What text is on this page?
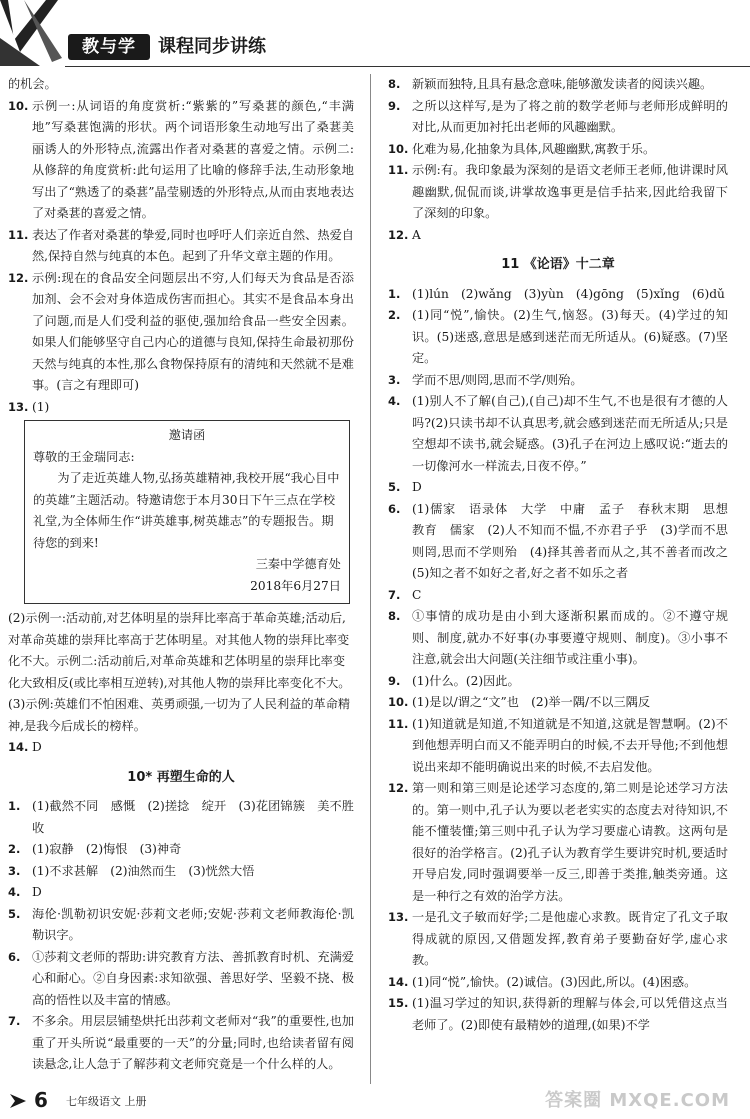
教与学	课程同步讲练
的机会。
10. 示例一:从词语的角度赏析:“紫紫的”写桑葚的颜色,“丰满地”写桑葚饱满的形状。两个词语形象生动地写出了桑葚美丽诱人的外形特点,流露出作者对桑葚的喜爱之情。示例二:从修辞的角度赏析:此句运用了比喻的修辞手法,生动形象地写出了“熟透了的桑葚”晶莹剔透的外形特点,从而由衷地表达了对桑葚的喜爱之情。
11. 表达了作者对桑葚的挚爱,同时也呼吁人们亲近自然、热爱自然,保持自然与纯真的本色。起到了升华文章主题的作用。
12. 示例:现在的食品安全问题层出不穷,人们每天为食品是否添加剂、会不会对身体造成伤害而担心。其实不是食品本身出了问题,而是人们受利益的驱使,强加给食品一些安全因素。如果人们能够坚守自己内心的道德与良知,保持生命最初那份天然与纯真的本性,那么食物保持原有的清纯和天然就不是难事。(言之有理即可)
13. (1)
邀请函
尊敬的王金瑞同志:
为了走近英雄人物,弘扬英雄精神,我校开展“我心目中的英雄”主题活动。特邀请您于本月30日下午三点在学校礼堂,为全体师生作“讲英雄事,树英雄志”的专题报告。期待您的到来!
三秦中学德育处
2018年6月27日
(2)示例一:活动前,对艺体明星的崇拜比率高于革命英雄;活动后,对革命英雄的崇拜比率高于艺体明星。对其他人物的崇拜比率变化不大。示例二:活动前后,对革命英雄和艺体明星的崇拜比率变化大致相反(或比率相互逆转),对其他人物的崇拜比率变化不大。(3)示例:英雄们不怕困难、英勇顽强,一切为了人民利益的革命精神,是我今后成长的榜样。
14. D
10* 再塑生命的人
1. (1)截然不同　感慨　(2)搓捻　绽开　(3)花团锦簇　美不胜收
2. (1)寂静　(2)悔恨　(3)神奇
3. (1)不求甚解　(2)油然而生　(3)恍然大悟
4. D
5. 海伦·凯勒初识安妮·莎莉文老师;安妮·莎莉文老师教海伦·凯勒识字。
6. ①莎莉文老师的帮助:讲究教育方法、善抓教育时机、充满爱心和耐心。②自身因素:求知欲强、善思好学、坚毅不挠、极高的悟性以及丰富的情感。
7. 不多余。用层层铺垫烘托出莎莉文老师对“我”的重要性,也加重了开头所说“最重要的一天”的分量;同时,也给读者留有阅读悬念,让人急于了解莎莉文老师究竟是一个什么样的人。
8. 新颖而独特,且具有悬念意味,能够激发读者的阅读兴趣。
9. 之所以这样写,是为了将之前的数学老师与老师形成鲜明的对比,从而更加衬托出老师的风趣幽默。
10. 化难为易,化抽象为具体,风趣幽默,寓教于乐。
11. 示例:有。我印象最为深刻的是语文老师王老师,他讲课时风趣幽默,侃侃而谈,讲掌故逸事更是信手拈来,因此给我留下了深刻的印象。
12. A
11 《论语》十二章
1. (1)lún　(2)wǎng　(3)yùn　(4)gōng　(5)xǐng　(6)dǔ
2. (1)同“悦”,愉快。(2)生气,恼怒。(3)每天。(4)学过的知识。(5)迷惑,意思是感到迷茫而无所适从。(6)疑惑。(7)坚定。
3. 学而不思/则罔,思而不学/则殆。
4. (1)别人不了解(自己),(自己)却不生气,不也是很有才德的人吗?(2)只读书却不认真思考,就会感到迷茫而无所适从;只是空想却不读书,就会疑惑。(3)孔子在河边上感叹说:“逝去的一切像河水一样流去,日夜不停。”
5. D
6. (1)儒家　语录体　大学　中庸　孟子　春秋末期　思想　教育　儒家　(2)人不知而不愠,不亦君子乎　(3)学而不思则罔,思而不学则殆　(4)择其善者而从之,其不善者而改之　(5)知之者不如好之者,好之者不如乐之者
7. C
8. ①事情的成功是由小到大逐渐积累而成的。②不遵守规则、制度,就办不好事(办事要遵守规则、制度)。③小事不注意,就会出大问题(关注细节或注重小事)。
9. (1)什么。(2)因此。
10. (1)是以/谓之“文”也　(2)举一隅/不以三隅反
11. (1)知道就是知道,不知道就是不知道,这就是智慧啊。(2)不到他想弄明白而又不能弄明白的时候,不去开导他;不到他想说出来却不能明确说出来的时候,不去启发他。
12. 第一则和第三则是论述学习态度的,第二则是论述学习方法的。第一则中,孔子认为要以老老实实的态度去对待知识,不能不懂装懂;第三则中孔子认为学习要虚心请教。这两句是很好的治学格言。(2)孔子认为教育学生要讲究时机,要适时开导启发,同时强调要举一反三,即善于类推,触类旁通。这是一种行之有效的治学方法。
13. 一是孔文子敏而好学;二是他虚心求教。既肯定了孔文子取得成就的原因,又借题发挥,教育弟子要勤奋好学,虚心求教。
14. (1)同“悦”,愉快。(2)诚信。(3)因此,所以。(4)困惑。
15. (1)温习学过的知识,获得新的理解与体会,可以凭借这点当老师了。(2)即使有最精妙的道理,(如果)不学
6 七年级语文 上册	答案圈 MXQE.COM
